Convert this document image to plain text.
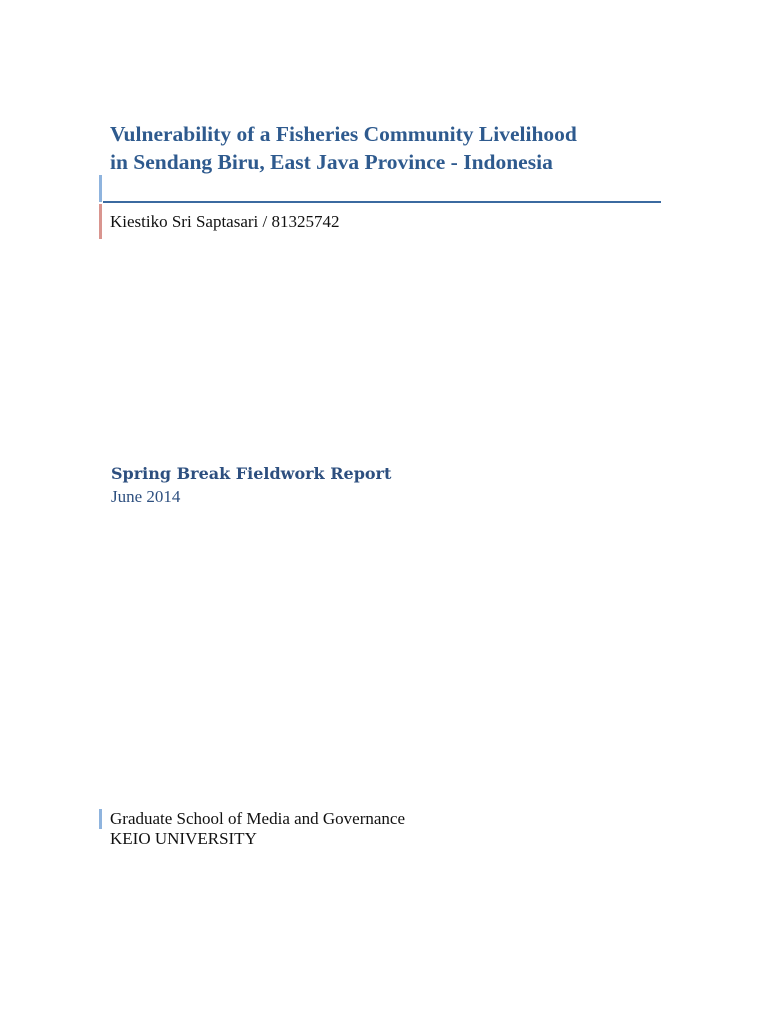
Vulnerability of a Fisheries Community Livelihood
in Sendang Biru, East Java Province - Indonesia
Kiestiko Sri Saptasari / 81325742
Spring Break Fieldwork Report
June 2014
Graduate School of Media and Governance
KEIO UNIVERSITY
